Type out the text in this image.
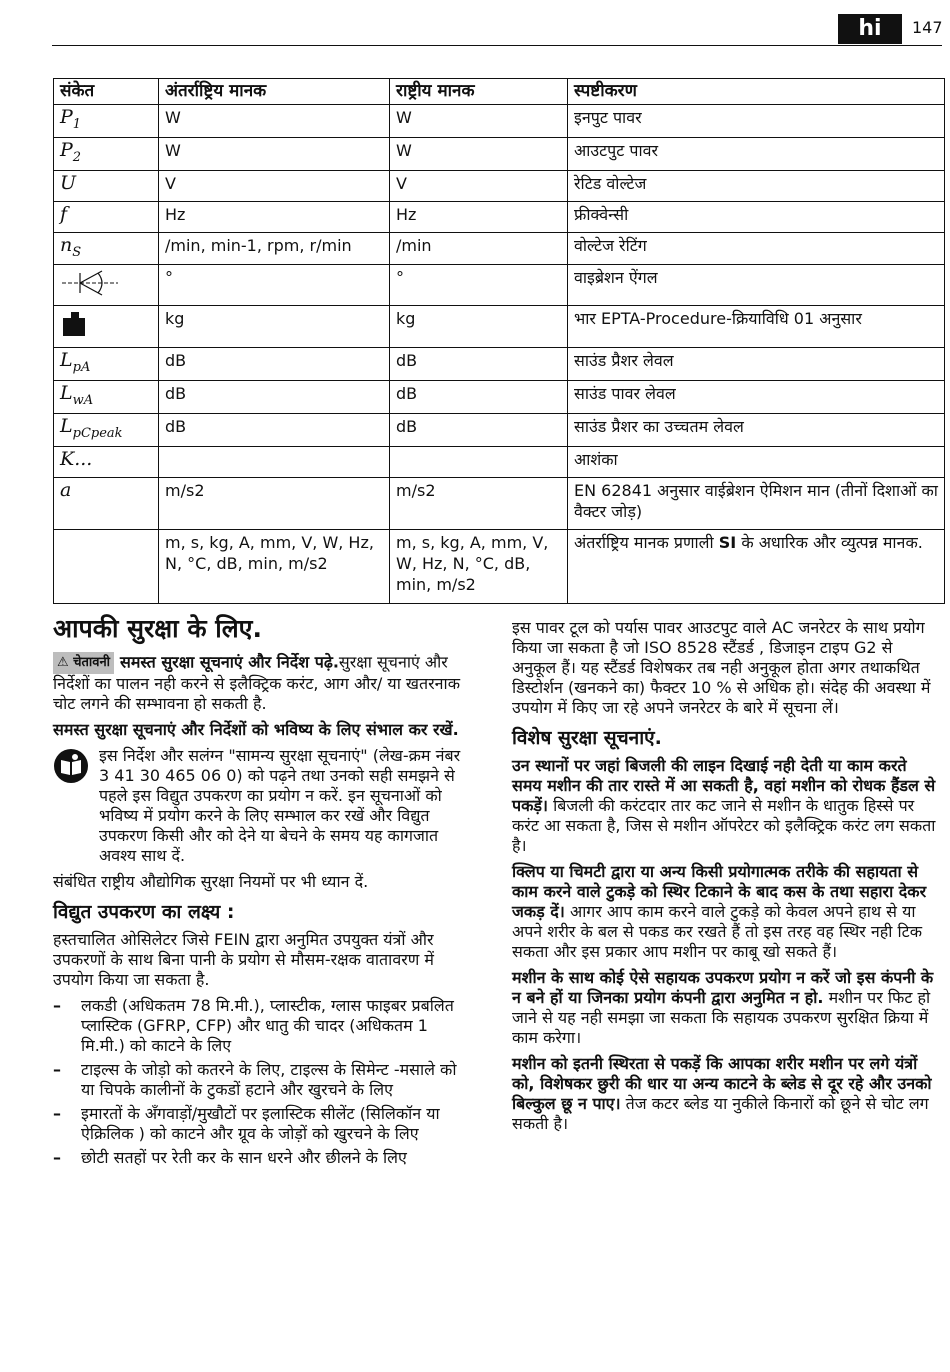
hi	147
संकेत	अंतर्राष्ट्रिय मानक	राष्ट्रीय मानक	स्पष्टीकरण
$P_1$	W	W	इनपुट पावर
$P_2$	W	W	आउटपुट पावर
U	V	V	रेटिड वोल्टेज
f	Hz	Hz	फ्रीक्वेन्सी
$n_S$	/min, min-1, rpm, r/min	/min	वोल्टेज रेटिंग

	°	°	वाइब्रेशन ऐंगल

	kg	kg	भार EPTA-Procedure-क्रियाविधि 01 अनुसार
$L_{pA}$	dB	dB	साउंड प्रैशर लेवल
$L_{wA}$	dB	dB	साउंड पावर लेवल
$L_{pCpeak}$	dB	dB	साउंड प्रैशर का उच्चतम लेवल
K...			आशंका
a	m/s2	m/s2	EN 62841 अनुसार वाईब्रेशन ऐमिशन मान (तीनों दिशाओं का वैक्टर जोड़)
	m, s, kg, A, mm, V, W, Hz, N, °C, dB, min, m/s2	m, s, kg, A, mm, V, W, Hz, N, °C, dB, min, m/s2	अंतर्राष्ट्रिय मानक प्रणाली SI के अधारिक और व्युत्पन्न मानक.
आपकी सुरक्षा के लिए.

⚠ चेतावनी समस्त सुरक्षा सूचनाएं और निर्देश पढ़े.सुरक्षा सूचनाएं और निर्देशों का पालन नही करने से इलैक्ट्रिक करंट, आग और/ या खतरनाक चोट लगने की सम्भावना हो सकती है.

समस्त सुरक्षा सूचनाएं और निर्देशों को भविष्य के लिए संभाल कर रखें.

इस निर्देश और सलंग्न "सामन्य सुरक्षा सूचनाएं" (लेख-क्रम नंबर 3 41 30 465 06 0) को पढ़ने तथा उनको सही समझने से पहले इस विद्युत उपकरण का प्रयोग न करें. इन सूचनाओं को भविष्य में प्रयोग करने के लिए सम्भाल कर रखें और विद्युत उपकरण किसी और को देने या बेचने के समय यह कागजात अवश्य साथ दें.

संबंधित राष्ट्रीय औद्योगिक सुरक्षा नियमों पर भी ध्यान दें.

विद्युत उपकरण का लक्ष्य :

हस्तचालित ओसिलेटर जिसे FEIN द्वारा अनुमित उपयुक्त यंत्रों और उपकरणों के साथ बिना पानी के प्रयोग से मौसम-रक्षक वातावरण में उपयोग किया जा सकता है.

– लकडी (अधिकतम 78 मि.मी.), प्लास्टीक, ग्लास फाइबर प्रबलित प्लास्टिक (GFRP, CFP) और धातु की चादर (अधिकतम 1 मि.मी.) को काटने के लिए
– टाइल्स के जोड़ो को कतरने के लिए, टाइल्स के सिमेन्ट -मसाले को या चिपके कालीनों के टुकडों हटाने और खुरचने के लिए
– इमारतों के अँगवाड़ों/मुखौटों पर इलास्टिक सीलेंट (सिलिकॉन या ऐक्रिलिक ) को काटने और ग्रूव के जोड़ों को खुरचने के लिए
– छोटी सतहों पर रेती कर के सान धरने और छीलने के लिए

इस पावर टूल को पर्यास पावर आउटपुट वाले AC जनरेटर के साथ प्रयोग किया जा सकता है जो ISO 8528 स्टैंडर्ड , डिजाइन टाइप G2 से अनुकूल हैं। यह स्टैंडर्ड विशेषकर तब नही अनुकूल होता अगर तथाकथित डिस्टोर्शन (खनकने का) फैक्टर 10 % से अधिक हो। संदेह की अवस्था में उपयोग में किए जा रहे अपने जनरेटर के बारे में सूचना लें।

विशेष सुरक्षा सूचनाएं.

उन स्थानों पर जहां बिजली की लाइन दिखाई नही देती या काम करते समय मशीन की तार रास्ते में आ सकती है, वहां मशीन को रोधक हैंडल से पकड़ें। बिजली की करंटदार तार कट जाने से मशीन के धातुक हिस्से पर करंट आ सकता है, जिस से मशीन ऑपरेटर को इलैक्ट्रिक करंट लग सकता है।

क्लिप या चिमटी द्वारा या अन्य किसी प्रयोगात्मक तरीके की सहायता से काम करने वाले टुकड़े को स्थिर टिकाने के बाद कस के तथा सहारा देकर जकड़ दें। आगर आप काम करने वाले टुकड़े को केवल अपने हाथ से या अपने शरीर के बल से पकड कर रखते हैं तो इस तरह वह स्थिर नही टिक सकता और इस प्रकार आप मशीन पर काबू खो सकते हैं।

मशीन के साथ कोई ऐसे सहायक उपकरण प्रयोग न करें जो इस कंपनी के न बने हों या जिनका प्रयोग कंपनी द्वारा अनुमित न हो. मशीन पर फिट हो जाने से यह नही समझा जा सकता कि सहायक उपकरण सुरक्षित क्रिया में काम करेगा।

मशीन को इतनी स्थिरता से पकड़ें कि आपका शरीर मशीन पर लगे यंत्रों को, विशेषकर छुरी की धार या अन्य काटने के ब्लेड से दूर रहे और उनको बिल्कुल छू न पाए। तेज कटर ब्लेड या नुकीले किनारों को छूने से चोट लग सकती है।
